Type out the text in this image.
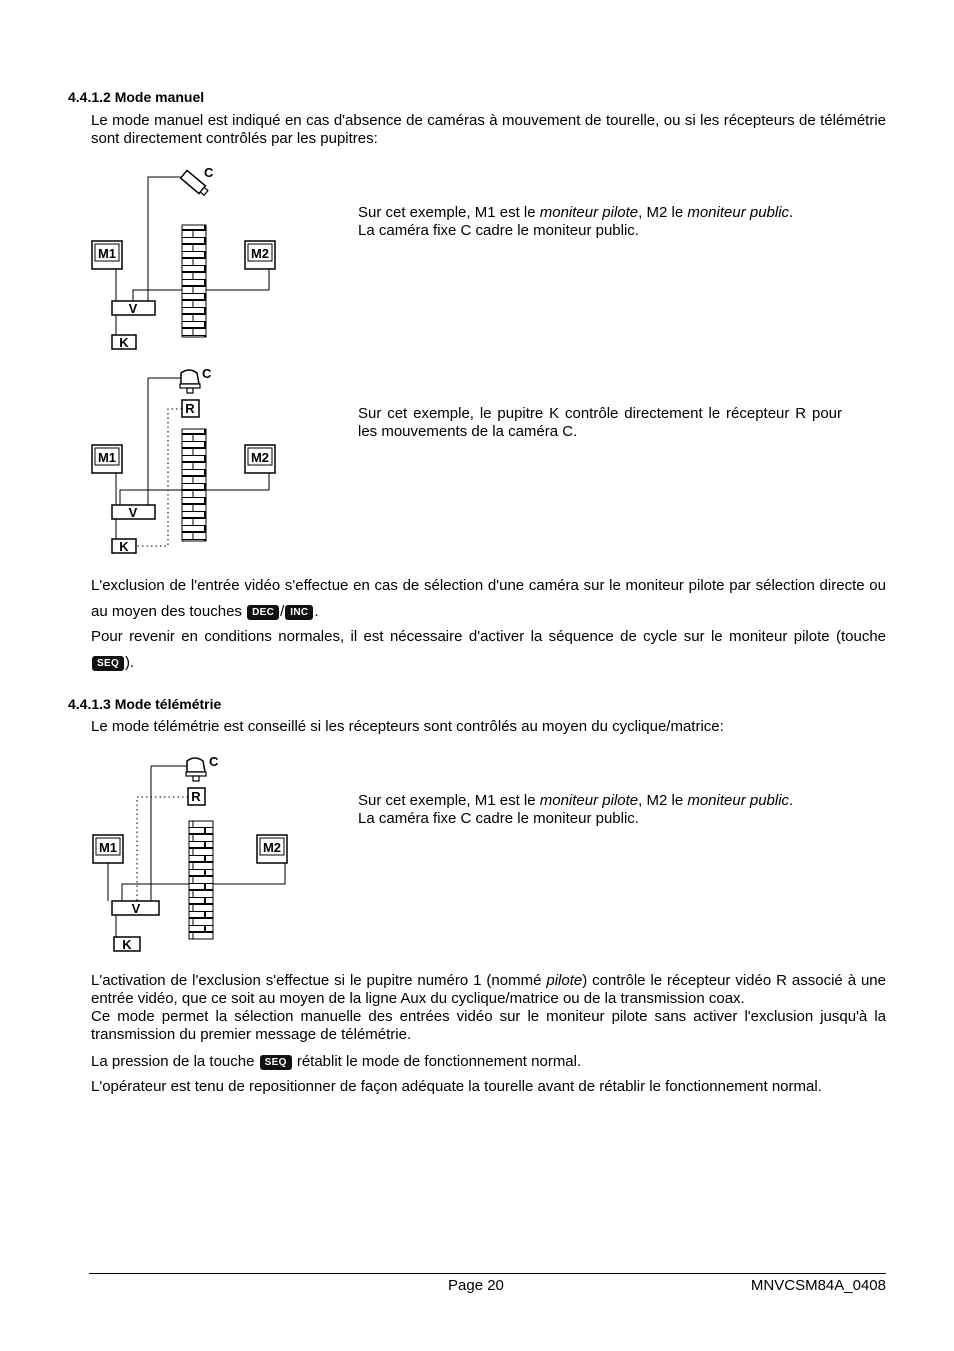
4.4.1.2 Mode manuel
Le mode manuel est indiqué en cas d'absence de caméras à mouvement de tourelle, ou si les récepteurs de télémétrie sont directement contrôlés par les pupitres:
C
M1	M2
V
K
Sur cet exemple, M1 est le moniteur pilote, M2 le moniteur public.
La caméra fixe C cadre le moniteur public.
C
R
M1	M2
V
K
Sur cet exemple, le pupitre K contrôle directement le récepteur R pour les mouvements de la caméra C.
L'exclusion de l'entrée vidéo s'effectue en cas de sélection d'une caméra sur le moniteur pilote par sélection directe ou au moyen des touches DEC / INC .
Pour revenir en conditions normales, il est nécessaire d'activer la séquence de cycle sur le moniteur pilote (touche SEQ ).
4.4.1.3 Mode télémétrie
Le mode télémétrie est conseillé si les récepteurs sont contrôlés au moyen du cyclique/matrice:
C
R
M1	M2
V
K
Sur cet exemple, M1 est le moniteur pilote, M2 le moniteur public.
La caméra fixe C cadre le moniteur public.
L'activation de l'exclusion s'effectue si le pupitre numéro 1 (nommé pilote) contrôle le récepteur vidéo R associé à une entrée vidéo, que ce soit au moyen de la ligne Aux du cyclique/matrice ou de la transmission coax.
Ce mode permet la sélection manuelle des entrées vidéo sur le moniteur pilote sans activer l'exclusion jusqu'à la transmission du premier message de télémétrie.
La pression de la touche SEQ rétablit le mode de fonctionnement normal.
L'opérateur est tenu de repositionner de façon adéquate la tourelle avant de rétablir le fonctionnement normal.
Page 20	MNVCSM84A_0408
